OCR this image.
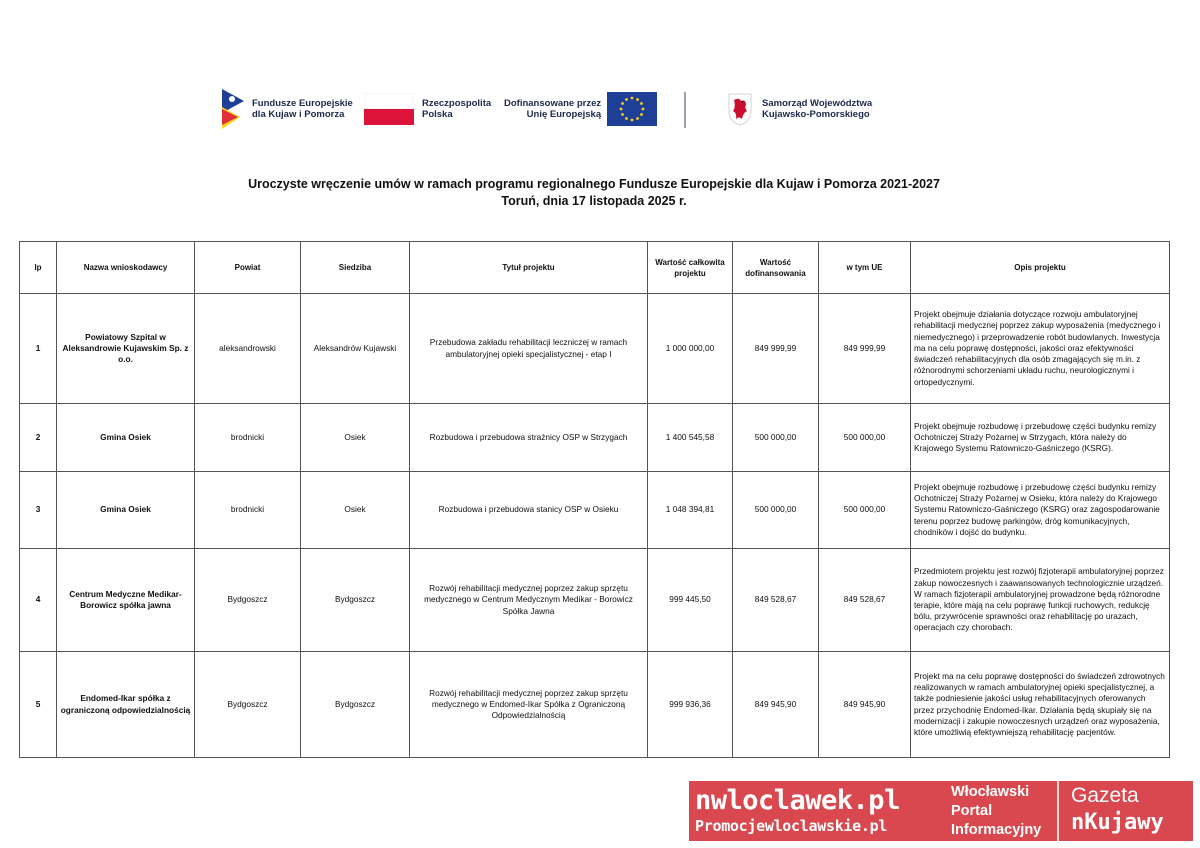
Fundusze Europejskie
dla Kujaw i Pomorza
Rzeczpospolita
Polska
Dofinansowane przez
Unię Europejską
Samorząd Województwa
Kujawsko-Pomorskiego
Uroczyste wręczenie umów w ramach programu regionalnego Fundusze Europejskie dla Kujaw i Pomorza 2021-2027
Toruń, dnia 17 listopada 2025 r.
lp	Nazwa wnioskodawcy	Powiat	Siedziba	Tytuł projektu	Wartość całkowita projektu	Wartość dofinansowania	w tym UE	Opis projektu
1	Powiatowy Szpital w Aleksandrowie Kujawskim Sp. z o.o.	aleksandrowski	Aleksandrów Kujawski	Przebudowa zakładu rehabilitacji leczniczej w ramach ambulatoryjnej opieki specjalistycznej - etap I	1 000 000,00	849 999,99	849 999,99	Projekt obejmuje działania dotyczące rozwoju ambulatoryjnej rehabilitacji medycznej poprzez zakup wyposażenia (medycznego i niemedycznego) i przeprowadzenie robót budowlanych. Inwestycja ma na celu poprawę dostępności, jakości oraz efektywności świadczeń rehabilitacyjnych dla osób zmagających się m.in. z różnorodnymi schorzeniami układu ruchu, neurologicznymi i ortopedycznymi.
2	Gmina Osiek	brodnicki	Osiek	Rozbudowa i przebudowa strażnicy OSP w Strzygach	1 400 545,58	500 000,00	500 000,00	Projekt obejmuje rozbudowę i przebudowę części budynku remizy Ochotniczej Straży Pożarnej w Strzygach, która należy do Krajowego Systemu Ratowniczo-Gaśniczego (KSRG).
3	Gmina Osiek	brodnicki	Osiek	Rozbudowa i przebudowa stanicy OSP w Osieku	1 048 394,81	500 000,00	500 000,00	Projekt obejmuje rozbudowę i przebudowę części budynku remizy Ochotniczej Straży Pożarnej w Osieku, która należy do Krajowego Systemu Ratowniczo-Gaśniczego (KSRG) oraz zagospodarowanie terenu poprzez budowę parkingów, dróg komunikacyjnych, chodników i dojść do budynku.
4	Centrum Medyczne Medikar-Borowicz spółka jawna	Bydgoszcz	Bydgoszcz	Rozwój rehabilitacji medycznej poprzez zakup sprzętu medycznego w Centrum Medycznym Medikar - Borowicz Spółka Jawna	999 445,50	849 528,67	849 528,67	Przedmiotem projektu jest rozwój fizjoterapii ambulatoryjnej poprzez zakup nowoczesnych i zaawansowanych technologicznie urządzeń. W ramach fizjoterapii ambulatoryjnej prowadzone będą różnorodne terapie, które mają na celu poprawę funkcji ruchowych, redukcję bólu, przywrócenie sprawności oraz rehabilitację po urazach, operacjach czy chorobach.
5	Endomed-Ikar spółka z ograniczoną odpowiedzialnością	Bydgoszcz	Bydgoszcz	Rozwój rehabilitacji medycznej poprzez zakup sprzętu medycznego w Endomed-Ikar Spółka z Ograniczoną Odpowiedzialnością	999 936,36	849 945,90	849 945,90	Projekt ma na celu poprawę dostępności do świadczeń zdrowotnych realizowanych w ramach ambulatoryjnej opieki specjalistycznej, a także podniesienie jakości usług rehabilitacyjnych oferowanych przez przychodnię Endomed-Ikar. Działania będą skupiały się na modernizacji i zakupie nowoczesnych urządzeń oraz wyposażenia, które umożliwią efektywniejszą rehabilitację pacjentów.
nwloclawek.pl
Promocjewloclawskie.pl
Włocławski
Portal
Informacyjny
Gazeta
nKujawy
